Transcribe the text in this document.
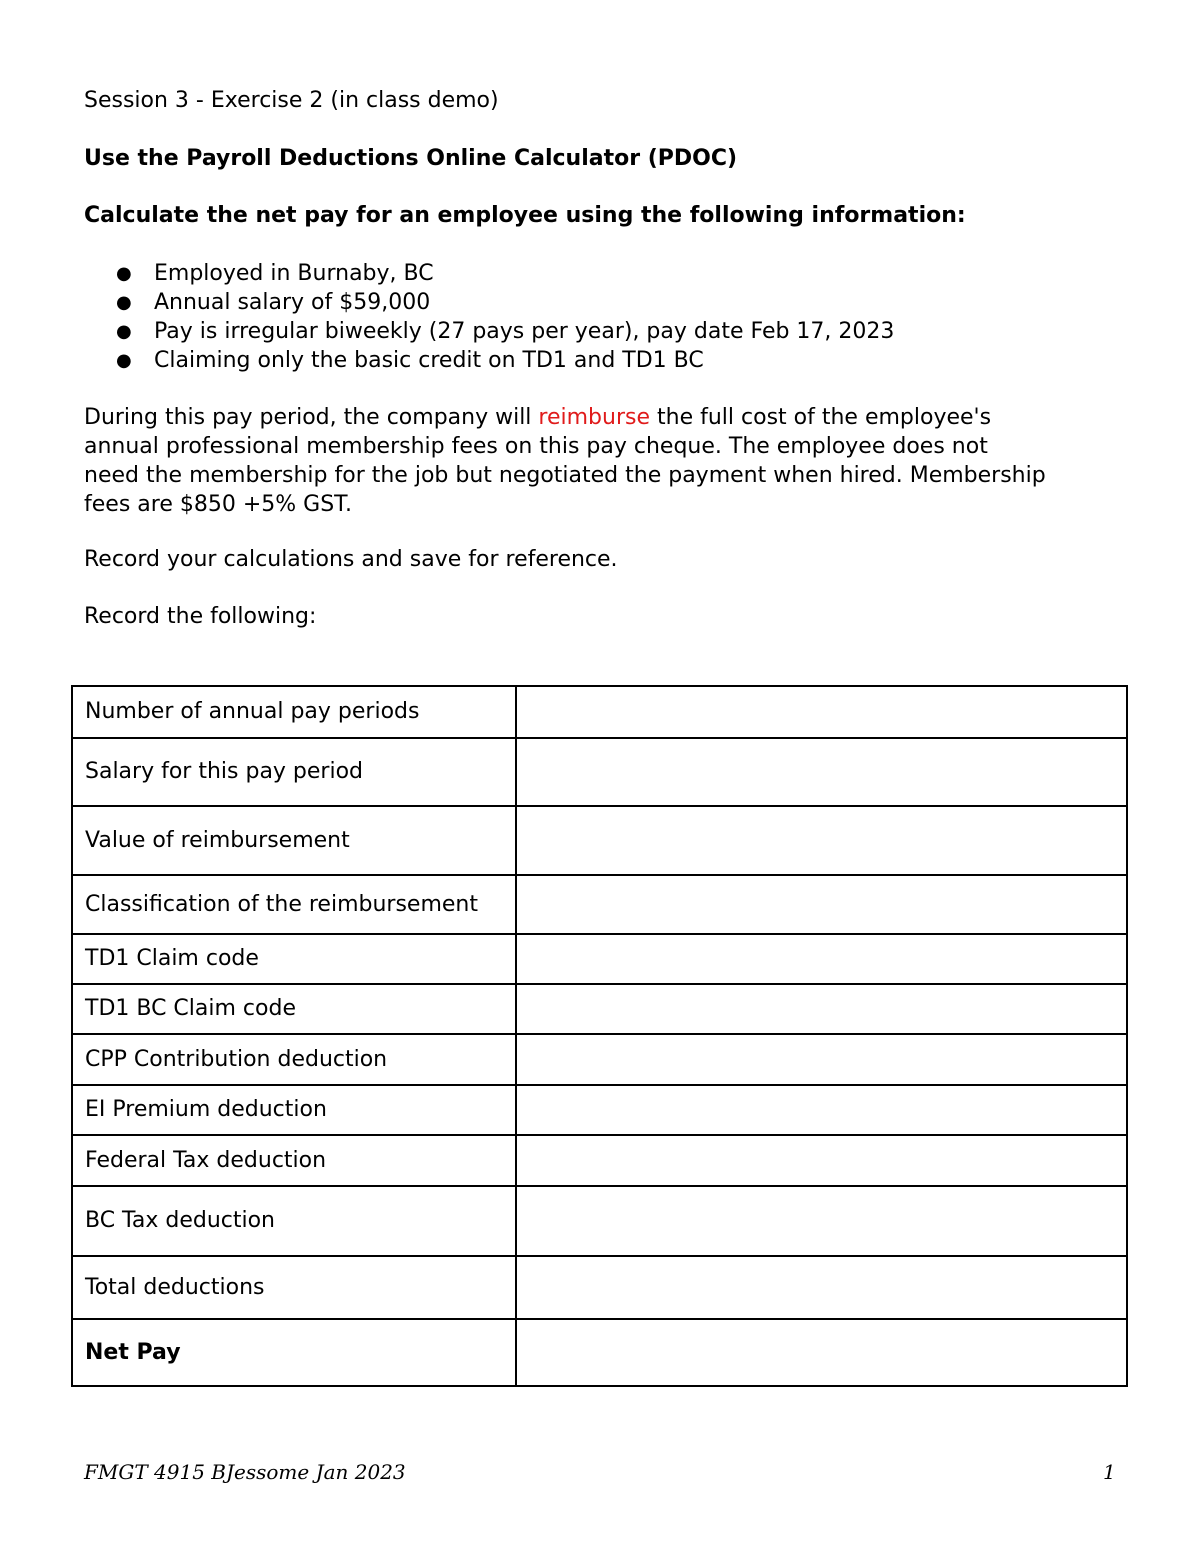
Session 3 - Exercise 2 (in class demo)
Use the Payroll Deductions Online Calculator (PDOC)
Calculate the net pay for an employee using the following information:
● Employed in Burnaby, BC
● Annual salary of $59,000
● Pay is irregular biweekly (27 pays per year), pay date Feb 17, 2023
● Claiming only the basic credit on TD1 and TD1 BC
During this pay period, the company will reimburse the full cost of the employee's
annual professional membership fees on this pay cheque. The employee does not
need the membership for the job but negotiated the payment when hired. Membership
fees are $850 +5% GST.
Record your calculations and save for reference.
Record the following:
Number of annual pay periods	
Salary for this pay period	
Value of reimbursement	
Classification of the reimbursement	
TD1 Claim code	
TD1 BC Claim code	
CPP Contribution deduction	
EI Premium deduction	
Federal Tax deduction	
BC Tax deduction	
Total deductions	
Net Pay	
FMGT 4915 BJessome Jan 2023	1
